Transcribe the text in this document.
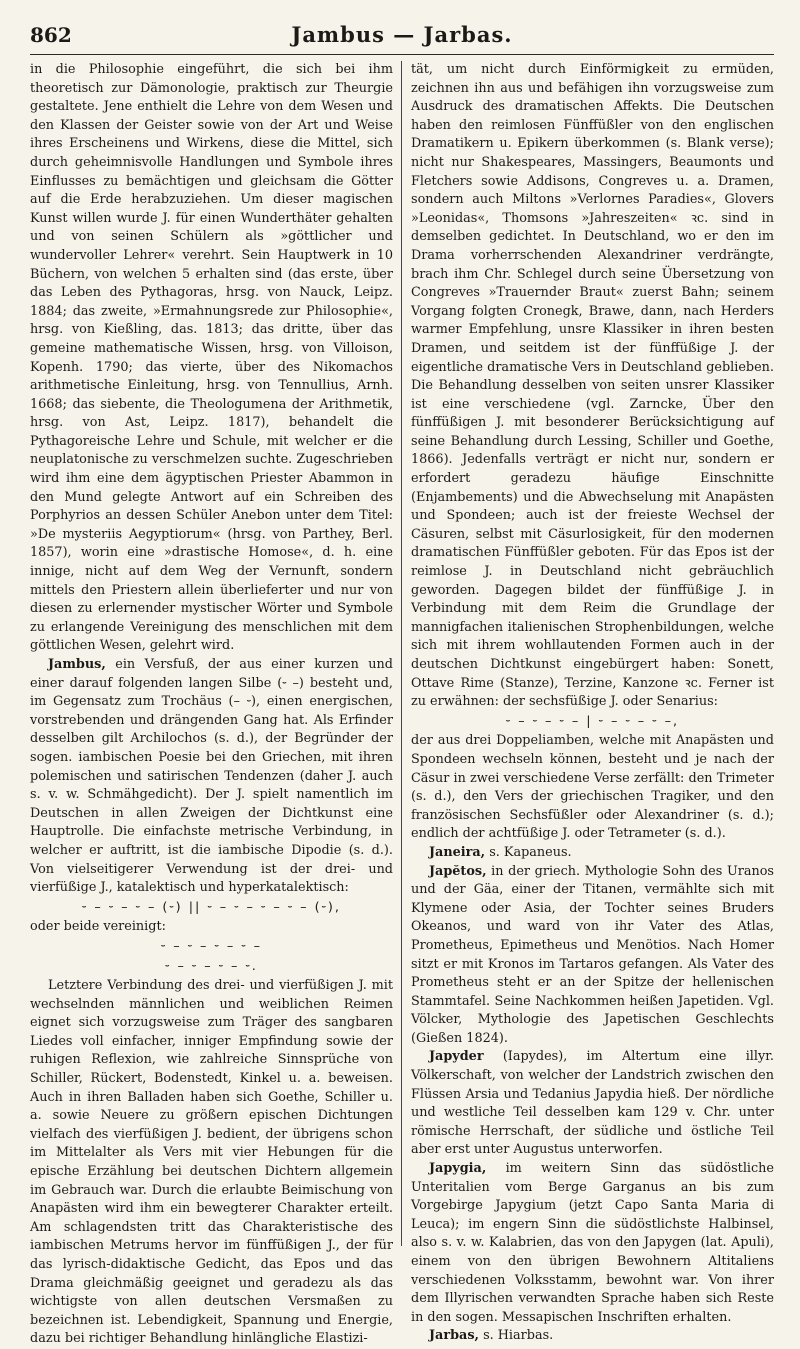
862	Jambus — Jarbas.

in die Philosophie eingeführt, die sich bei ihm theoretisch zur Dämonologie, praktisch zur Theurgie gestaltete. Jene enthielt die Lehre von dem Wesen und den Klassen der Geister sowie von der Art und Weise ihres Erscheinens und Wirkens, diese die Mittel, sich durch geheimnisvolle Handlungen und Symbole ihres Einflusses zu bemächtigen und gleichsam die Götter auf die Erde herabzuziehen. Um dieser magischen Kunst willen wurde J. für einen Wunderthäter gehalten und von seinen Schülern als »göttlicher und wundervoller Lehrer« verehrt. Sein Hauptwerk in 10 Büchern, von welchen 5 erhalten sind (das erste, über das Leben des Pythagoras, hrsg. von Nauck, Leipz. 1884; das zweite, »Ermahnungsrede zur Philosophie«, hrsg. von Kießling, das. 1813; das dritte, über das gemeine mathematische Wissen, hrsg. von Villoison, Kopenh. 1790; das vierte, über des Nikomachos arithmetische Einleitung, hrsg. von Tennullius, Arnh. 1668; das siebente, die Theologumena der Arithmetik, hrsg. von Ast, Leipz. 1817), behandelt die Pythagoreische Lehre und Schule, mit welcher er die neuplatonische zu verschmelzen suchte. Zugeschrieben wird ihm eine dem ägyptischen Priester Abammon in den Mund gelegte Antwort auf ein Schreiben des Porphyrios an dessen Schüler Anebon unter dem Titel: »De mysteriis Aegyptiorum« (hrsg. von Parthey, Berl. 1857), worin eine »drastische Homose«, d. h. eine innige, nicht auf dem Weg der Vernunft, sondern mittels den Priestern allein überlieferter und nur von diesen zu erlernender mystischer Wörter und Symbole zu erlangende Vereinigung des menschlichen mit dem göttlichen Wesen, gelehrt wird.

Jambus, ein Versfuß, der aus einer kurzen und einer darauf folgenden langen Silbe (⏑ –) besteht und, im Gegensatz zum Trochäus (– ⏑), einen energischen, vorstrebenden und drängenden Gang hat. Als Erfinder desselben gilt Archilochos (s. d.), der Begründer der sogen. iambischen Poesie bei den Griechen, mit ihren polemischen und satirischen Tendenzen (daher J. auch s. v. w. Schmähgedicht). Der J. spielt namentlich im Deutschen in allen Zweigen der Dichtkunst eine Hauptrolle. Die einfachste metrische Verbindung, in welcher er auftritt, ist die iambische Dipodie (s. d.). Von vielseitigerer Verwendung ist der drei- und vierfüßige J., katalektisch und hyperkatalektisch:

⏑ – ⏑ – ⏑ – (⏑) || ⏑ – ⏑ – ⏑ – ⏑ – (⏑),

oder beide vereinigt:

⏑ – ⏑ – ⏑ – ⏑ –
⏑ – ⏑ – ⏑ – ⏑.

Letztere Verbindung des drei- und vierfüßigen J. mit wechselnden männlichen und weiblichen Reimen eignet sich vorzugsweise zum Träger des sangbaren Liedes voll einfacher, inniger Empfindung sowie der ruhigen Reflexion, wie zahlreiche Sinnsprüche von Schiller, Rückert, Bodenstedt, Kinkel u. a. beweisen. Auch in ihren Balladen haben sich Goethe, Schiller u. a. sowie Neuere zu größern epischen Dichtungen vielfach des vierfüßigen J. bedient, der übrigens schon im Mittelalter als Vers mit vier Hebungen für die epische Erzählung bei deutschen Dichtern allgemein im Gebrauch war. Durch die erlaubte Beimischung von Anapästen wird ihm ein bewegterer Charakter erteilt. Am schlagendsten tritt das Charakteristische des iambischen Metrums hervor im fünffüßigen J., der für das lyrisch-didaktische Gedicht, das Epos und das Drama gleichmäßig geeignet und geradezu als das wichtigste von allen deutschen Versmaßen zu bezeichnen ist. Lebendigkeit, Spannung und Energie, dazu bei richtiger Behandlung hinlängliche Elastizi-

tät, um nicht durch Einförmigkeit zu ermüden, zeichnen ihn aus und befähigen ihn vorzugsweise zum Ausdruck des dramatischen Affekts. Die Deutschen haben den reimlosen Fünffüßler von den englischen Dramatikern u. Epikern überkommen (s. Blank verse); nicht nur Shakespeares, Massingers, Beaumonts und Fletchers sowie Addisons, Congreves u. a. Dramen, sondern auch Miltons »Verlornes Paradies«, Glovers »Leonidas«, Thomsons »Jahreszeiten« ꝛc. sind in demselben gedichtet. In Deutschland, wo er den im Drama vorherrschenden Alexandriner verdrängte, brach ihm Chr. Schlegel durch seine Übersetzung von Congreves »Trauernder Braut« zuerst Bahn; seinem Vorgang folgten Cronegk, Brawe, dann, nach Herders warmer Empfehlung, unsre Klassiker in ihren besten Dramen, und seitdem ist der fünffüßige J. der eigentliche dramatische Vers in Deutschland geblieben. Die Behandlung desselben von seiten unsrer Klassiker ist eine verschiedene (vgl. Zarncke, Über den fünffüßigen J. mit besonderer Berücksichtigung auf seine Behandlung durch Lessing, Schiller und Goethe, 1866). Jedenfalls verträgt er nicht nur, sondern er erfordert geradezu häufige Einschnitte (Enjambements) und die Abwechselung mit Anapästen und Spondeen; auch ist der freieste Wechsel der Cäsuren, selbst mit Cäsurlosigkeit, für den modernen dramatischen Fünffüßler geboten. Für das Epos ist der reimlose J. in Deutschland nicht gebräuchlich geworden. Dagegen bildet der fünffüßige J. in Verbindung mit dem Reim die Grundlage der mannigfachen italienischen Strophenbildungen, welche sich mit ihrem wohllautenden Formen auch in der deutschen Dichtkunst eingebürgert haben: Sonett, Ottave Rime (Stanze), Terzine, Kanzone ꝛc. Ferner ist zu erwähnen: der sechsfüßige J. oder Senarius:

⏑ – ⏑ – ⏑ – | ⏑ – ⏑ – ⏑ –,

der aus drei Doppeliamben, welche mit Anapästen und Spondeen wechseln können, besteht und je nach der Cäsur in zwei verschiedene Verse zerfällt: den Trimeter (s. d.), den Vers der griechischen Tragiker, und den französischen Sechsfüßler oder Alexandriner (s. d.); endlich der achtfüßige J. oder Tetrameter (s. d.).

Janeira, s. Kapaneus.

Japĕtos, in der griech. Mythologie Sohn des Uranos und der Gäa, einer der Titanen, vermählte sich mit Klymene oder Asia, der Tochter seines Bruders Okeanos, und ward von ihr Vater des Atlas, Prometheus, Epimetheus und Menötios. Nach Homer sitzt er mit Kronos im Tartaros gefangen. Als Vater des Prometheus steht er an der Spitze der hellenischen Stammtafel. Seine Nachkommen heißen Japetiden. Vgl. Völcker, Mythologie des Japetischen Geschlechts (Gießen 1824).

Japyder (Iapydes), im Altertum eine illyr. Völkerschaft, von welcher der Landstrich zwischen den Flüssen Arsia und Tedanius Japydia hieß. Der nördliche und westliche Teil desselben kam 129 v. Chr. unter römische Herrschaft, der südliche und östliche Teil aber erst unter Augustus unterworfen.

Japygia, im weitern Sinn das südöstliche Unteritalien vom Berge Garganus an bis zum Vorgebirge Japygium (jetzt Capo Santa Maria di Leuca); im engern Sinn die südöstlichste Halbinsel, also s. v. w. Kalabrien, das von den Japygen (lat. Apuli), einem von den übrigen Bewohnern Altitaliens verschiedenen Volksstamm, bewohnt war. Von ihrer dem Illyrischen verwandten Sprache haben sich Reste in den sogen. Messapischen Inschriften erhalten.

Jarbas, s. Hiarbas.
